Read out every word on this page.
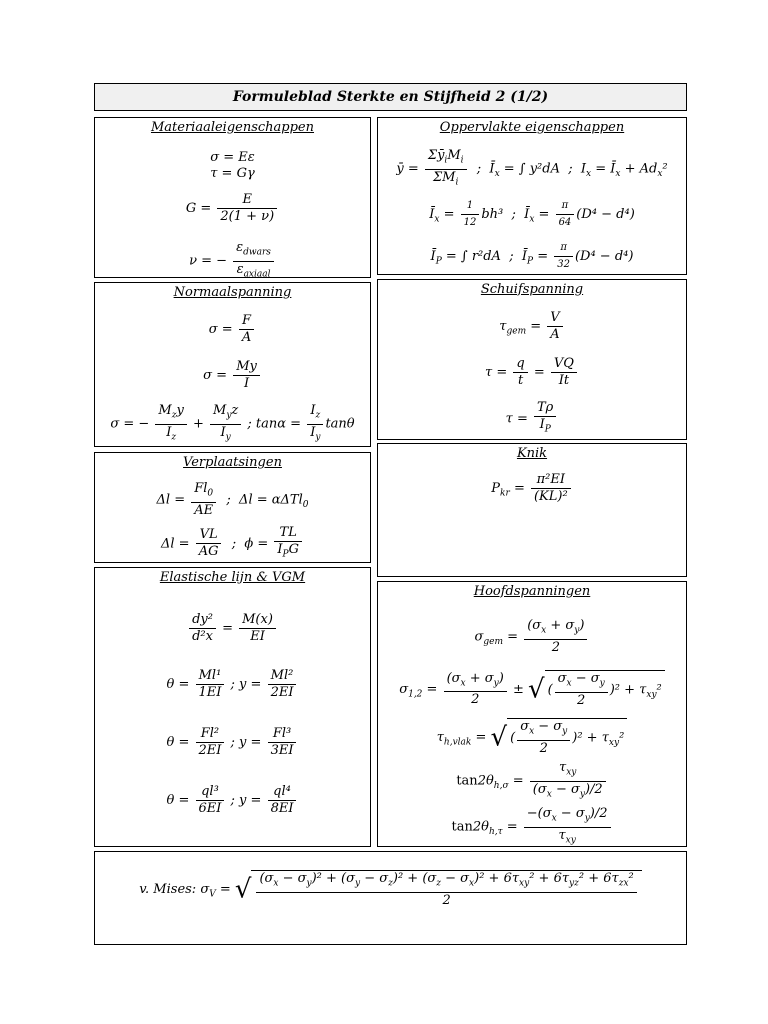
Formuleblad Sterkte en Stijfheid 2 (1/2)
Materiaaleigenschappen
σ = Eε
τ = Gγ
$G = \frac{E}{2(1 + \nu)}$
ν = − $\frac{\varepsilon_{dwars}}{\varepsilon_{axiaal}}$
Oppervlakte eigenschappen
ȳ = $\frac{\Sigma ȳ_iM_i}{\Sigma M_i}$ ;  $Ī_x$ = ∫ y²dA  ;  $I_x$ = $Ī_x + Ad_x^2$
$Ī_x = \frac{1}{12} bh^3$  ;  $Ī_x = \frac{\pi}{64} (D^4 - d^4)$
$Ī_P$ = ∫ r²dA  ;  $Ī_P = \frac{\pi}{32} (D^4 - d^4)$
Normaalspanning
$\sigma = \frac{F}{A}$
$\sigma = \frac{My}{I}$
σ = − $\frac{M_zy}{I_z} + \frac{M_yz}{I_y}$ ; $\tan\alpha = \frac{I_z}{I_y}$ tanθ
Schuifspanning
$\tau_{gem} = \frac{V}{A}$
$\tau = \frac{q}{t} = \frac{VQ}{It}$
$\tau = \frac{T\rho}{I_P}$
Verplaatsingen
$\Delta l = \frac{Fl_0}{AE}$ ;  Δl = αΔTl$_0$
$\Delta l = \frac{VL}{AG}$ ;  $\phi = \frac{TL}{I_PG}$
Knik
$P_{kr} = \frac{\text{π²EI}}{\text{(KL)²}}$
Elastische lijn & VGM
$\frac{\text{dy²}}{\text{d²x}} = \frac{M(x)}{EI}$
$\theta = \frac{\text{Ml¹}}{1EI}$ ; $y = \frac{\text{Ml²}}{2EI}$
$\theta = \frac{\text{Fl²}}{2EI}$ ; $y = \frac{\text{Fl³}}{3EI}$
$\theta = \frac{\text{ql³}}{6EI}$ ; $y = \frac{\text{ql⁴}}{8EI}$
Hoofdspanningen
$\sigma_{gem} = \frac{(\sigma_x + \sigma_y)}{2}$
$\sigma_{1,2} = \frac{(\sigma_x + \sigma_y)}{2}$ ± √ ( $\frac{\sigma_x - \sigma_y}{2} )^2 + \tau_{xy}^2$
$\tau_{h,vlak}$ = √ ( $\frac{\sigma_x - \sigma_y}{2} )^2 + \tau_{xy}^2$
$\tan 2\theta_{h,\sigma} = \frac{\tau_{xy}}{(\sigma_x - \sigma_y)/2}$
$\tan 2\theta_{h,\tau} = \frac{-(\sigma_x - \sigma_y)/2}{\tau_{xy}}$
v. Mises: $\sigma_V$ = √ $\frac{(\sigma_x - \sigma_y)^2 + (\sigma_y - \sigma_z)^2 + (\sigma_z - \sigma_x)^2 + 6\tau_{xy}^2 + 6\tau_{yz}^2 + 6\tau_{zx}^2}{2}$
